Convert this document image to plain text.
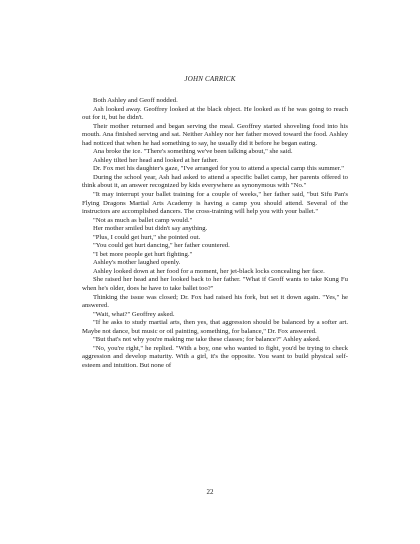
JOHN CARRICK

Both Ashley and Geoff nodded.

Ash looked away. Geoffrey looked at the black object. He looked as if he was going to reach out for it, but he didn't.

Their mother returned and began serving the meal. Geoffrey started shoveling food into his mouth. Ana finished serving and sat. Neither Ashley nor her father moved toward the food. Ashley had noticed that when he had something to say, he usually did it before he began eating.

Ana broke the ice. "There's something we've been talking about," she said.

Ashley tilted her head and looked at her father.

Dr. Fox met his daughter's gaze, "I've arranged for you to attend a special camp this summer."

During the school year, Ash had asked to attend a specific ballet camp, her parents offered to think about it, an answer recognized by kids everywhere as synonymous with "No."

"It may interrupt your ballet training for a couple of weeks," her father said, "but Sifu Pan's Flying Dragons Martial Arts Academy is having a camp you should attend. Several of the instructors are accomplished dancers. The cross-training will help you with your ballet."

"Not as much as ballet camp would."

Her mother smiled but didn't say anything.

"Plus, I could get hurt," she pointed out.

"You could get hurt dancing," her father countered.

"I bet more people get hurt fighting."

Ashley's mother laughed openly.

Ashley looked down at her food for a moment, her jet-black locks concealing her face.

She raised her head and her looked back to her father. "What if Geoff wants to take Kung Fu when he's older, does he have to take ballet too?"

Thinking the issue was closed; Dr. Fox had raised his fork, but set it down again. "Yes," he answered.

"Wait, what?" Geoffrey asked.

"If he asks to study martial arts, then yes, that aggression should be balanced by a softer art. Maybe not dance, but music or oil painting, something, for balance," Dr. Fox answered.

"But that's not why you're making me take these classes; for balance?" Ashley asked.

"No, you're right," he replied. "With a boy, one who wanted to fight, you'd be trying to check aggression and develop maturity. With a girl, it's the opposite. You want to build physical self-esteem and intuition. But none of

22
